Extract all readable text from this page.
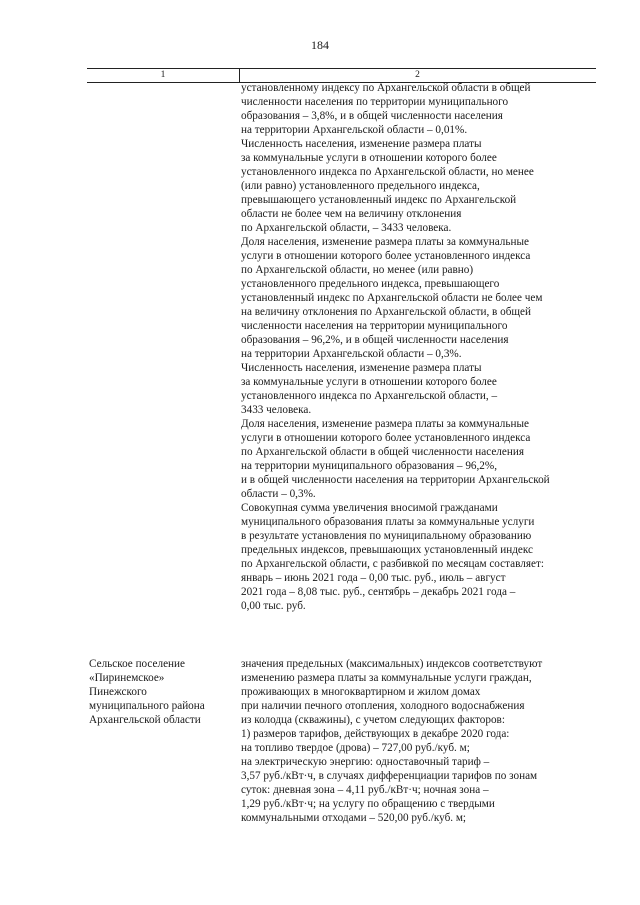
184
1	2
установленному индексу по Архангельской области в общей
численности населения по территории муниципального
образования – 3,8%, и в общей численности населения
на территории Архангельской области – 0,01%.
Численность населения, изменение размера платы
за коммунальные услуги в отношении которого более
установленного индекса по Архангельской области, но менее
(или равно) установленного предельного индекса,
превышающего установленный индекс по Архангельской
области не более чем на величину отклонения
по Архангельской области, – 3433 человека.
Доля населения, изменение размера платы за коммунальные
услуги в отношении которого более установленного индекса
по Архангельской области, но менее (или равно)
установленного предельного индекса, превышающего
установленный индекс по Архангельской области не более чем
на величину отклонения по Архангельской области, в общей
численности населения на территории муниципального
образования – 96,2%, и в общей численности населения
на территории Архангельской области – 0,3%.
Численность населения, изменение размера платы
за коммунальные услуги в отношении которого более
установленного индекса по Архангельской области, –
3433 человека.
Доля населения, изменение размера платы за коммунальные
услуги в отношении которого более установленного индекса
по Архангельской области в общей численности населения
на территории муниципального образования – 96,2%,
и в общей численности населения на территории Архангельской
области – 0,3%.
Совокупная сумма увеличения вносимой гражданами
муниципального образования платы за коммунальные услуги
в результате установления по муниципальному образованию
предельных индексов, превышающих установленный индекс
по Архангельской области, с разбивкой по месяцам составляет:
январь – июнь 2021 года – 0,00 тыс. руб., июль – август
2021 года – 8,08 тыс. руб., сентябрь – декабрь 2021 года –
0,00 тыс. руб.
Сельское поселение
«Пиринемское»
Пинежского
муниципального района
Архангельской области
значения предельных (максимальных) индексов соответствуют
изменению размера платы за коммунальные услуги граждан,
проживающих в многоквартирном и жилом домах
при наличии печного отопления, холодного водоснабжения
из колодца (скважины), с учетом следующих факторов:
1) размеров тарифов, действующих в декабре 2020 года:
на топливо твердое (дрова) – 727,00 руб./куб. м;
на электрическую энергию: одноставочный тариф –
3,57 руб./кВт·ч, в случаях дифференциации тарифов по зонам
суток: дневная зона – 4,11 руб./кВт·ч; ночная зона –
1,29 руб./кВт·ч; на услугу по обращению с твердыми
коммунальными отходами – 520,00 руб./куб. м;
